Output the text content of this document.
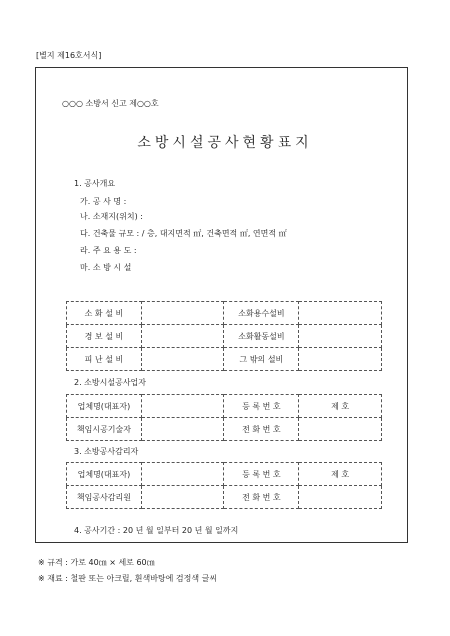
[별지 제16호서식]
○○○ 소방서 신고 제○○호
소방시설공사현황표지
1. 공사개요
가. 공 사 명 :
나. 소재지(위치) :
다. 건축물 규모 : / 층, 대지면적 ㎡, 건축면적 ㎡, 연면적 ㎡
라. 주 요 용 도 :
마. 소 방 시 설
소 화 설 비		소화용수설비	
경 보 설 비		소화활동설비	
피 난 설 비		그 밖의 설비	
2. 소방시설공사업자
업체명(대표자)		등 록 번 호	제 호
책임시공기술자		전 화 번 호	
3. 소방공사감리자
업체명(대표자)		등 록 번 호	제 호
책임공사감리원		전 화 번 호	
4. 공사기간 : 20 년 월 일부터 20 년 월 일까지
※ 규격 : 가로 40㎝ × 세로 60㎝
※ 재료 : 철판 또는 아크릴, 흰색바탕에 검정색 글씨
